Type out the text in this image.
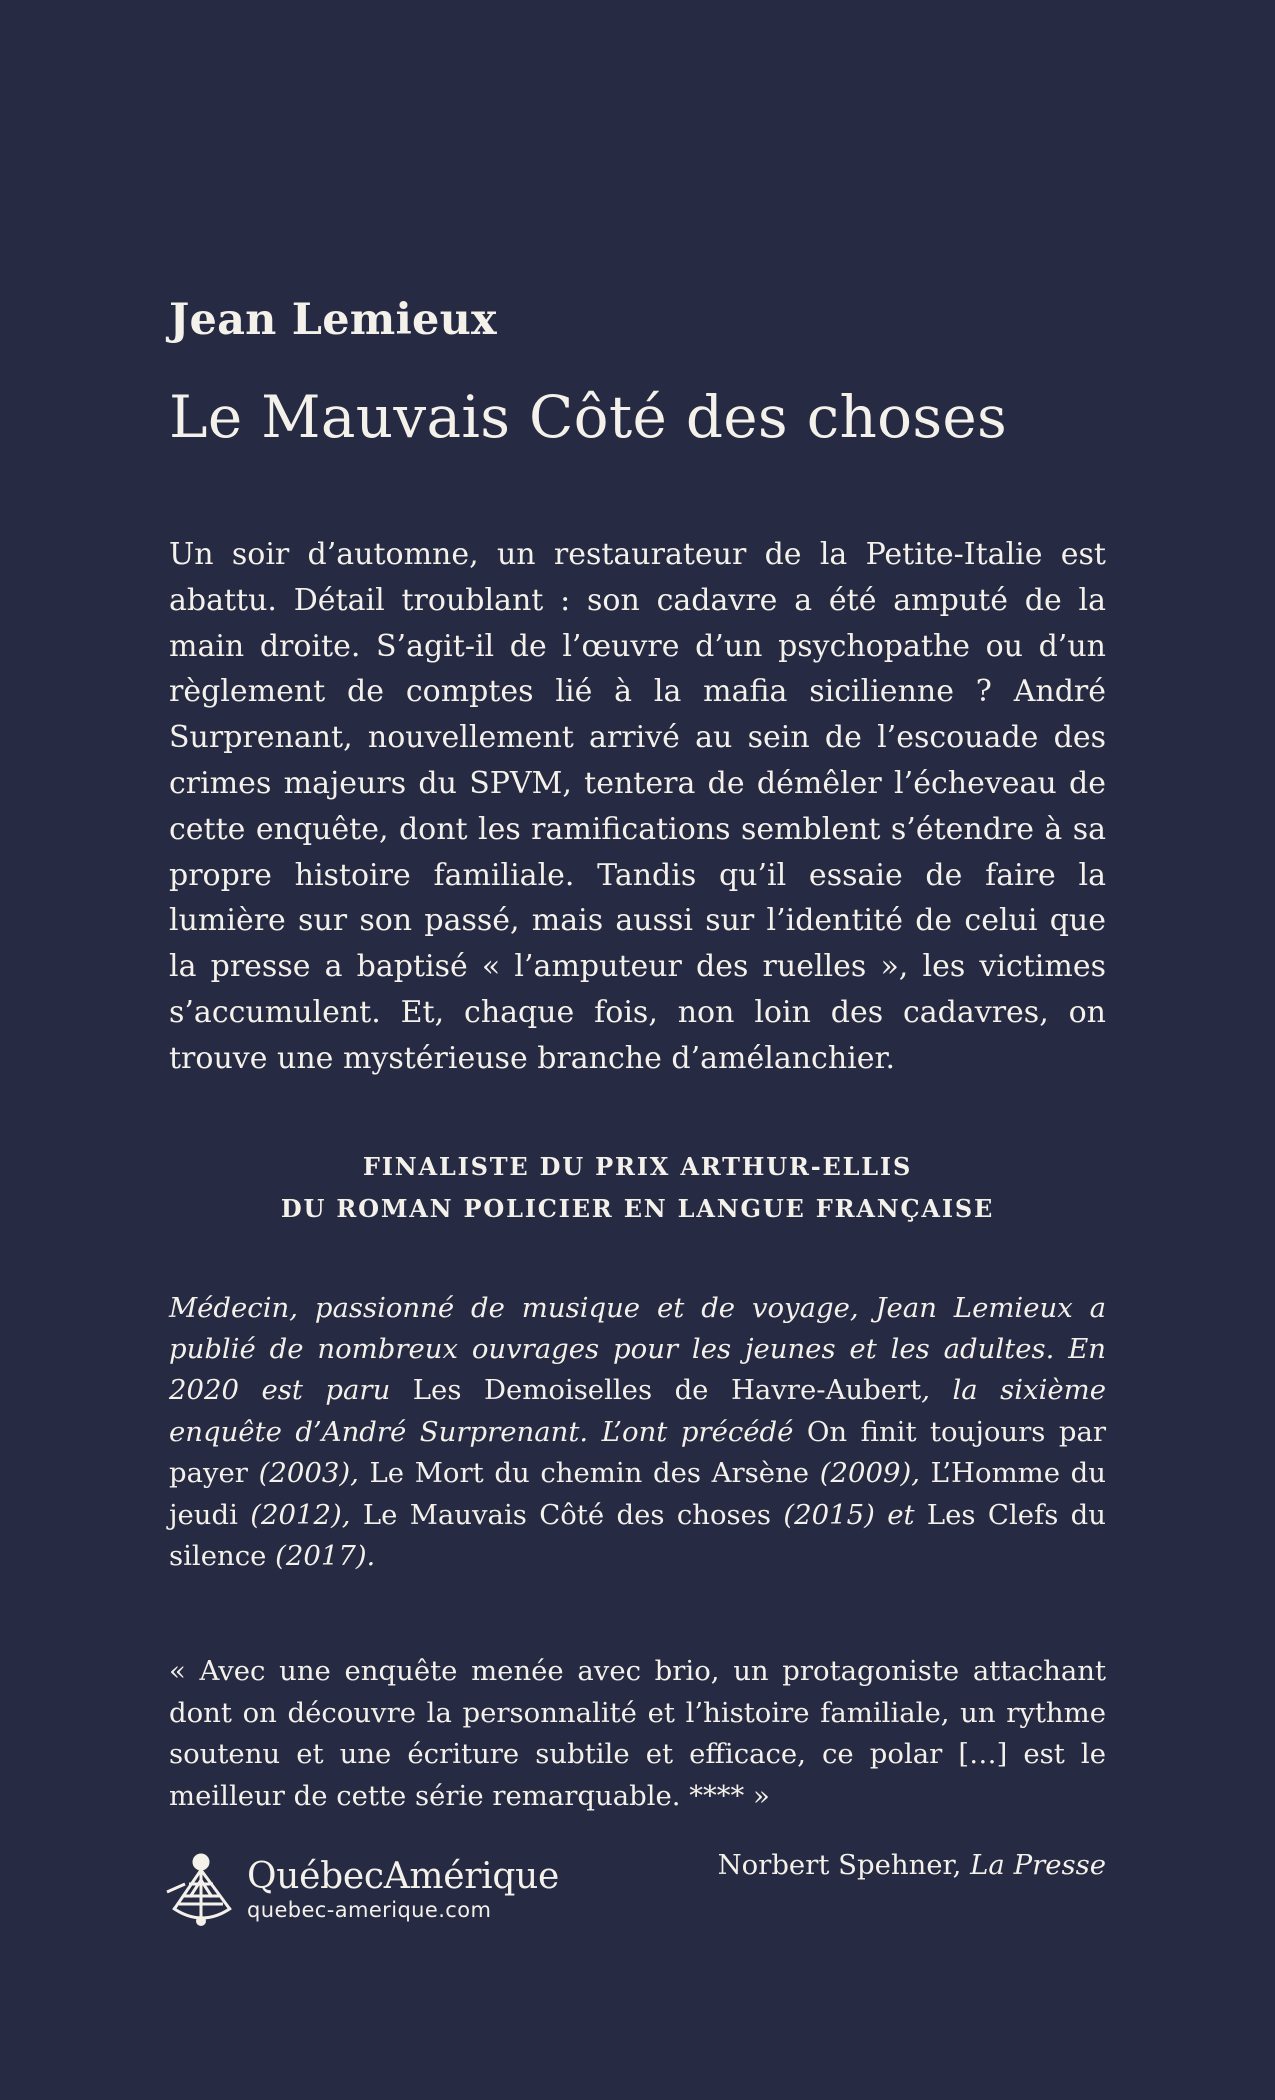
Jean Lemieux
Le Mauvais Côté des choses

Un soir d’automne, un restaurateur de la Petite-Italie est abattu. Détail troublant : son cadavre a été amputé de la main droite. S’agit-il de l’œuvre d’un psychopathe ou d’un règlement de comptes lié à la mafia sicilienne ? André Surprenant, nouvellement arrivé au sein de l’escouade des crimes majeurs du SPVM, tentera de démêler l’écheveau de cette enquête, dont les ramifications semblent s’étendre à sa propre histoire familiale. Tandis qu’il essaie de faire la lumière sur son passé, mais aussi sur l’identité de celui que la presse a baptisé « l’amputeur des ruelles », les victimes s’accumulent. Et, chaque fois, non loin des cadavres, on trouve une mystérieuse branche d’amélanchier.

FINALISTE DU PRIX ARTHUR-ELLIS
DU ROMAN POLICIER EN LANGUE FRANÇAISE

Médecin, passionné de musique et de voyage, Jean Lemieux a publié de nombreux ouvrages pour les jeunes et les adultes. En 2020 est paru Les Demoiselles de Havre-Aubert, la sixième enquête d’André Surprenant. L’ont précédé On finit toujours par payer (2003), Le Mort du chemin des Arsène (2009), L’Homme du jeudi (2012), Le Mauvais Côté des choses (2015) et Les Clefs du silence (2017).

« Avec une enquête menée avec brio, un protagoniste attachant dont on découvre la personnalité et l’histoire familiale, un rythme soutenu et une écriture subtile et efficace, ce polar […] est le meilleur de cette série remarquable. **** »

Norbert Spehner, La Presse
QuébecAmérique
quebec-amerique.com
